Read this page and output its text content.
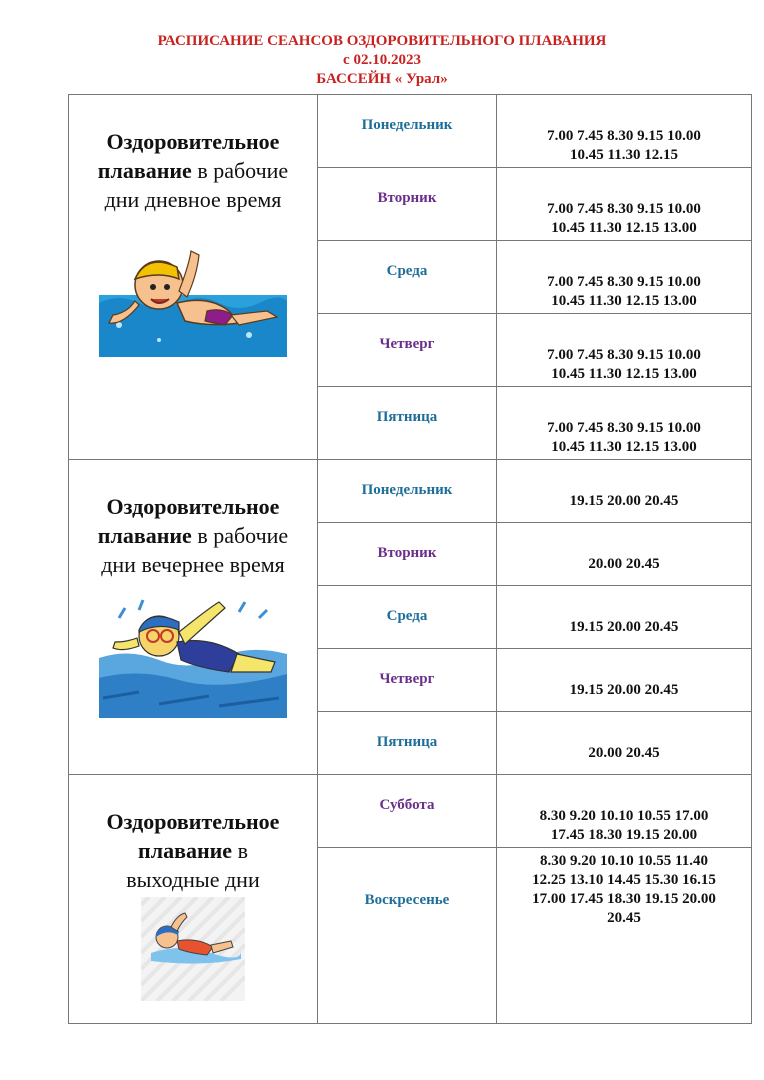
РАСПИСАНИЕ СЕАНСОВ ОЗДОРОВИТЕЛЬНОГО ПЛАВАНИЯ
с 02.10.2023
БАССЕЙН « Урал»
Оздоровительное
плавание в рабочие
дни дневное время	Понедельник	7.00 7.45 8.30 9.15 10.00
10.45 11.30 12.15

	Вторник	7.00 7.45 8.30 9.15 10.00
10.45 11.30 12.15 13.00

	Среда	7.00 7.45 8.30 9.15 10.00
10.45 11.30 12.15 13.00

	Четверг	7.00 7.45 8.30 9.15 10.00
10.45 11.30 12.15 13.00

	Пятница	7.00 7.45 8.30 9.15 10.00
10.45 11.30 12.15 13.00

Оздоровительное
плавание в рабочие
дни вечернее время	Понедельник	19.15 20.00 20.45

	Вторник	20.00 20.45

	Среда	19.15 20.00 20.45

	Четверг	19.15 20.00 20.45

	Пятница	20.00 20.45

Оздоровительное
плавание в
выходные дни	Суббота	8.30 9.20 10.10 10.55 17.00
17.45 18.30 19.15 20.00

	Воскресенье	8.30 9.20 10.10 10.55 11.40
12.25 13.10 14.45 15.30 16.15
17.00 17.45 18.30 19.15 20.00
20.45
